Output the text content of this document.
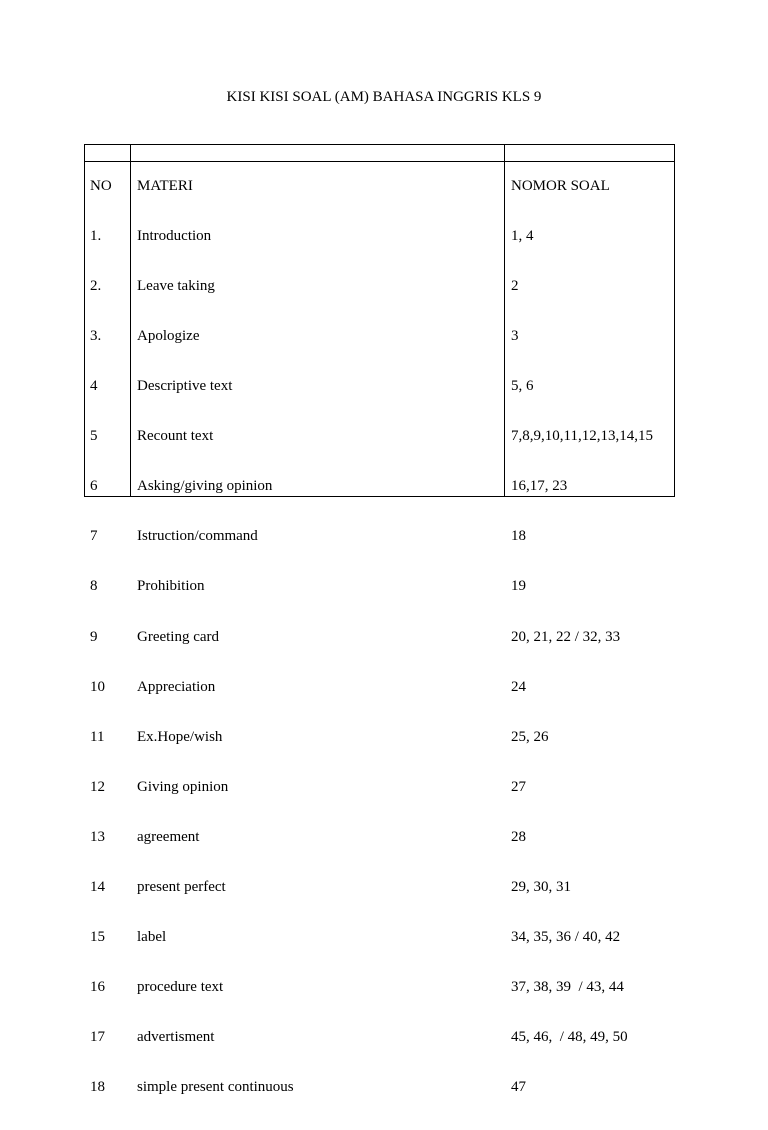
KISI KISI SOAL (AM) BAHASA INGGRIS KLS 9

NO

1.

2.

3.

4

5

6

7

8

9

10

11

12

13

14

15

16

17

18

MATERI

Introduction

Leave taking

Apologize

Descriptive text

Recount text

Asking/giving opinion

Istruction/command

Prohibition

Greeting card

Appreciation

Ex.Hope/wish

Giving opinion

agreement

present perfect

label

procedure text

advertisment

simple present continuous

NOMOR SOAL

1, 4

2

3

5, 6

7,8,9,10,11,12,13,14,15

16,17, 23

18

19

20, 21, 22 / 32, 33

24

25, 26

27

28

29, 30, 31

34, 35, 36 / 40, 42

37, 38, 39  / 43, 44

45, 46,  / 48, 49, 50

47
